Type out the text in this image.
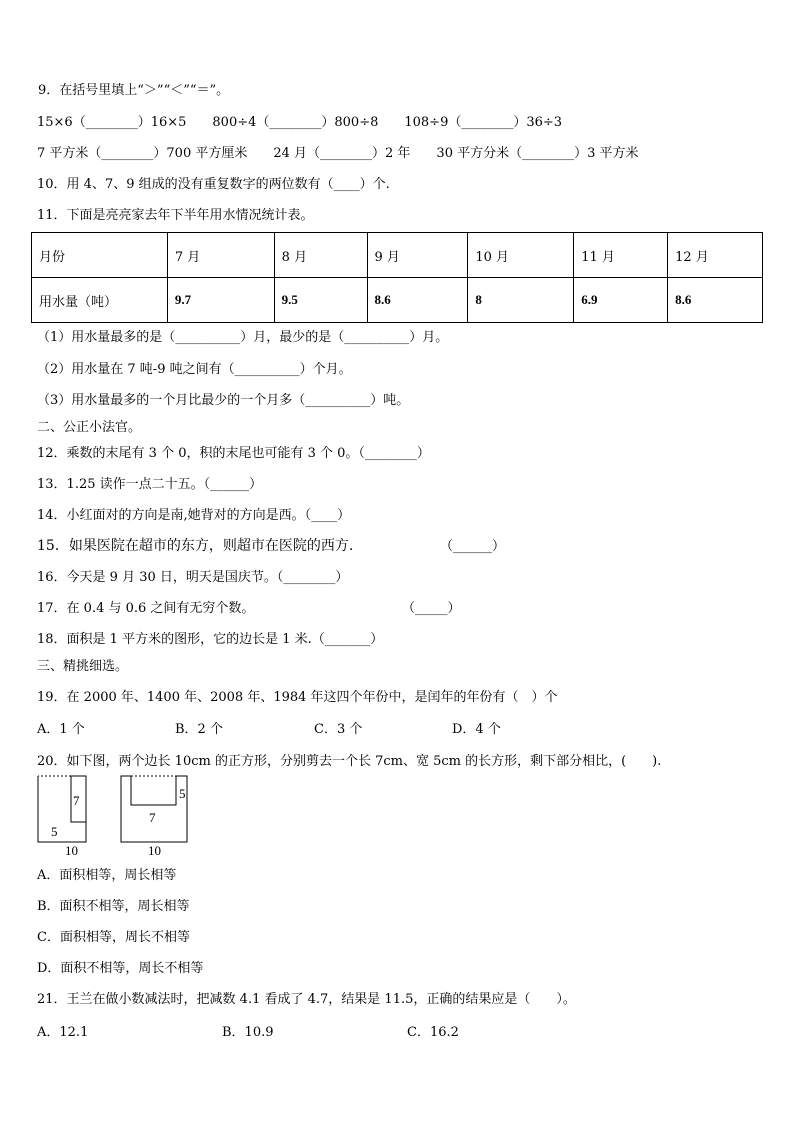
9．在括号里填上“＞”“＜”“＝”。
15×6（________）16×5　　800÷4（________）800÷8　　108÷9（________）36÷3
7 平方米（________）700 平方厘米　　24 月（________）2 年　　30 平方分米（________）3 平方米
10．用 4、7、9 组成的没有重复数字的两位数有（____）个.
11．下面是亮亮家去年下半年用水情况统计表。
月份	7 月	8 月	9 月	10 月	11 月	12 月
用水量（吨）	9.7	9.5	8.6	8	6.9	8.6
（1）用水量最多的是（__________）月，最少的是（__________）月。
（2）用水量在 7 吨-9 吨之间有（__________）个月。
（3）用水量最多的一个月比最少的一个月多（__________）吨。
二、公正小法官。
12．乘数的末尾有 3 个 0，积的末尾也可能有 3 个 0。（________）
13．1.25 读作一点二十五。（______）
14．小红面对的方向是南,她背对的方向是西。（____）
15．如果医院在超市的东方，则超市在医院的西方.	（______）
16．今天是 9 月 30 日，明天是国庆节。（________）
17．在 0.4 与 0.6 之间有无穷个数。	（_____）
18．面积是 1 平方米的图形，它的边长是 1 米.（_______）
三、精挑细选。
19．在 2000 年、1400 年、2008 年、1984 年这四个年份中，是闰年的年份有（　）个
A．1 个	B．2 个	C．3 个	D．4 个
20．如下图，两个边长 10cm 的正方形，分别剪去一个长 7cm、宽 5cm 的长方形，剩下部分相比，(　　).
7
5
10
5
7
10
A．面积相等，周长相等
B．面积不相等，周长相等
C．面积相等，周长不相等
D．面积不相等，周长不相等
21．王兰在做小数减法时，把减数 4.1 看成了 4.7，结果是 11.5，正确的结果应是（　　）。
A．12.1	B．10.9	C．16.2
